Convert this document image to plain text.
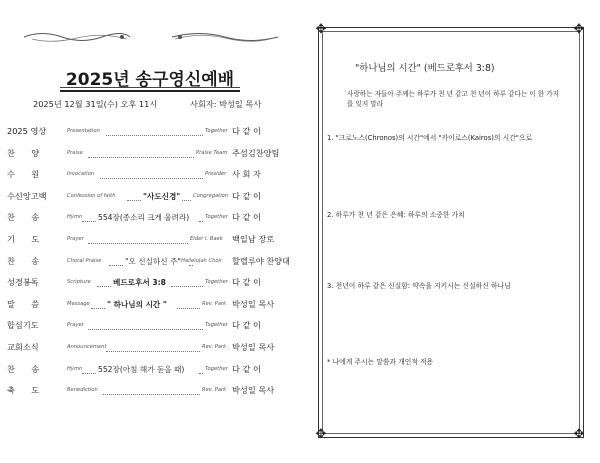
2025년 송구영신예배
2025년 12월 31일(수) 오후 11시	사회자: 박성일 목사
2025 영상	Presentation	Together 다 같 이
찬　　양	Praise	Praise Team 주섬김찬양팀
수　　원	Invocation	Presider 사 회 자
수신앙고백	Confession of faith	"사도신경" Congregation 다 같 이
찬　　송	Hymn 554장(종소리 크게 울려라)	Together 다 같 이
기　　도	Prayer	Elder I. Baek 백일남 장로
찬　　송	Choral Praise	"오 신실하신 주" Hallelujah Choir 할렐루야 찬양대
성경봉독	Scripture	베드로후서 3:8	Together 다 같 이
말　　씀	Message " 하나님의 시간 "	Rev. Park 박성일 목사
합심기도	Prayer	Together 다 같 이
교회소식	Announcement	Rev. Park 박성일 목사
찬　　송	Hymn 552장(아침 해가 돋을 때)	Together 다 같 이
축　　도	Benediction	Rev. Park 박성일 목사
✥	✥
✥	✥
"하나님의 시간" (베드로후서 3:8)
사랑하는 자들아 주께는 하루가 천 년 같고 천 년이 하루 같다는 이 한 가지를 잊지 말라
1. "크로노스(Chronos)의 시간"에서 "카이로스(Kairos)의 시간"으로
2. 하루가 천 년 같은 은혜: 하루의 소중한 가치
3. 천년이 하루 같은 신실함: 약속을 지키시는 신실하신 하나님
* 나에게 주시는 말씀과 개인적 적용
